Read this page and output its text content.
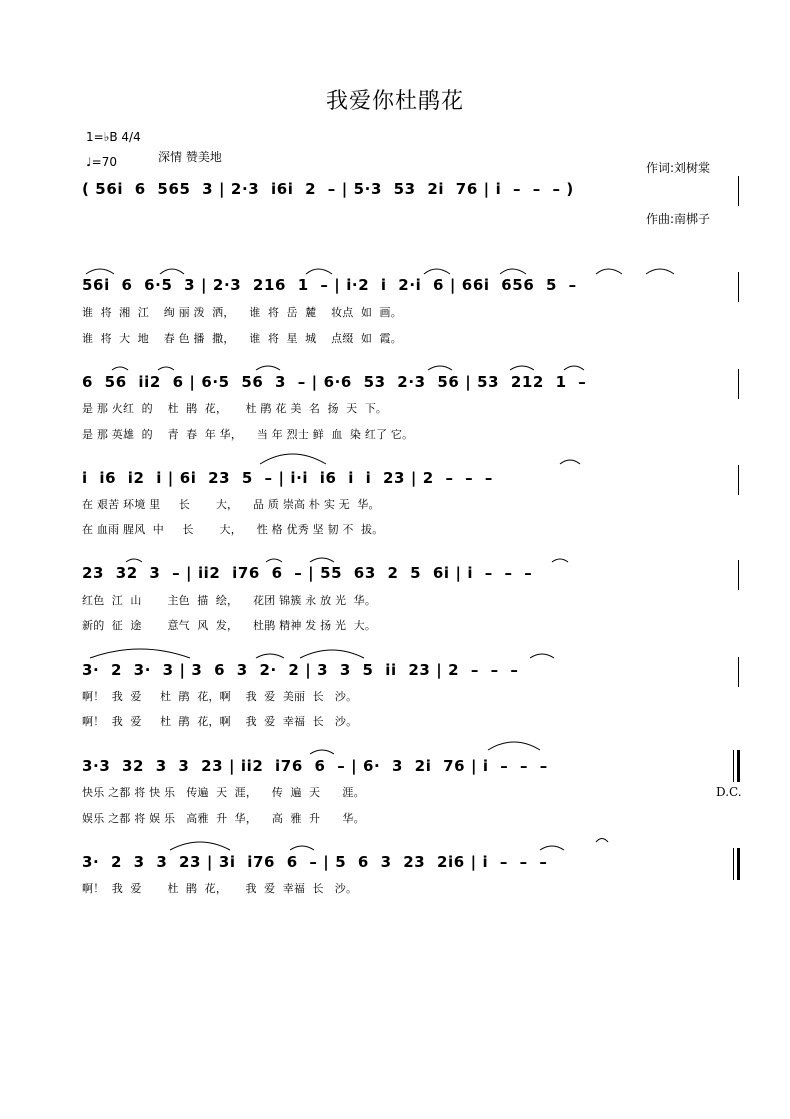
我爱你杜鹃花

作词:刘树棠

作曲:南梆子

1=♭B 4/4
♩=70	深情 赞美地
( 56i  6  565  3 | 2·3  i6i  2  – | 5·3  53  2i  76 | i  –  –  – )
56i  6  6·5  3 | 2·3  216  1  – | i·2  i  2·i  6 | 66i  656  5  –
谁  将  湘  江    绚 丽 泼  洒，    谁  将  岳  麓    妆点  如  画。
谁  将  大  地    春 色 播  撒，    谁  将  星  城    点缀  如  霞。
6  56  ii2  6 | 6·5  56  3  – | 6·6  53  2·3  56 | 53  212  1  –
是 那 火红  的    杜  鹃  花，     杜 鹃 花 美  名  扬  天  下。
是 那 英雄  的    青  春  年 华，    当 年 烈士 鲜  血  染 红了 它。
i  i6  i2  i | 6i  23  5  – | i·i  i6  i  i  23 | 2  –  –  –
在 艰苦 环境 里     长       大，    品 质 崇高 朴 实 无  华。
在 血雨 腥风  中     长       大，    性 格 优秀 坚 韧 不  拔。
23  32  3  – | ii2  i76  6  – | 55  63  2  5  6i | i  –  –  –
红色  江  山       主色  描  绘，    花团 锦簇 永 放 光  华。
新的  征  途       意气  风  发，    杜鹃 精神 发 扬 光  大。
3·  2  3·  3 | 3  6  3  2·  2 | 3  3  5  ii  23 | 2  –  –  –
啊！  我  爱     杜  鹃  花，啊    我  爱  美丽  长   沙。
啊！  我  爱     杜  鹃  花，啊    我  爱  幸福  长   沙。
3·3  32  3  3  23 | ii2  i76  6  – | 6·  3  2i  76 | i  –  –  –
快乐 之都 将 快 乐   传遍  天  涯，    传  遍  天      涯。
娱乐 之都 将 娱 乐   高雅  升  华，    高  雅  升      华。
D.C.
3·  2  3  3  23 | 3i  i76  6  – | 5  6  3  23  2i6 | i  –  –  –
啊！  我  爱       杜  鹃  花，     我  爱  幸福  长   沙。
